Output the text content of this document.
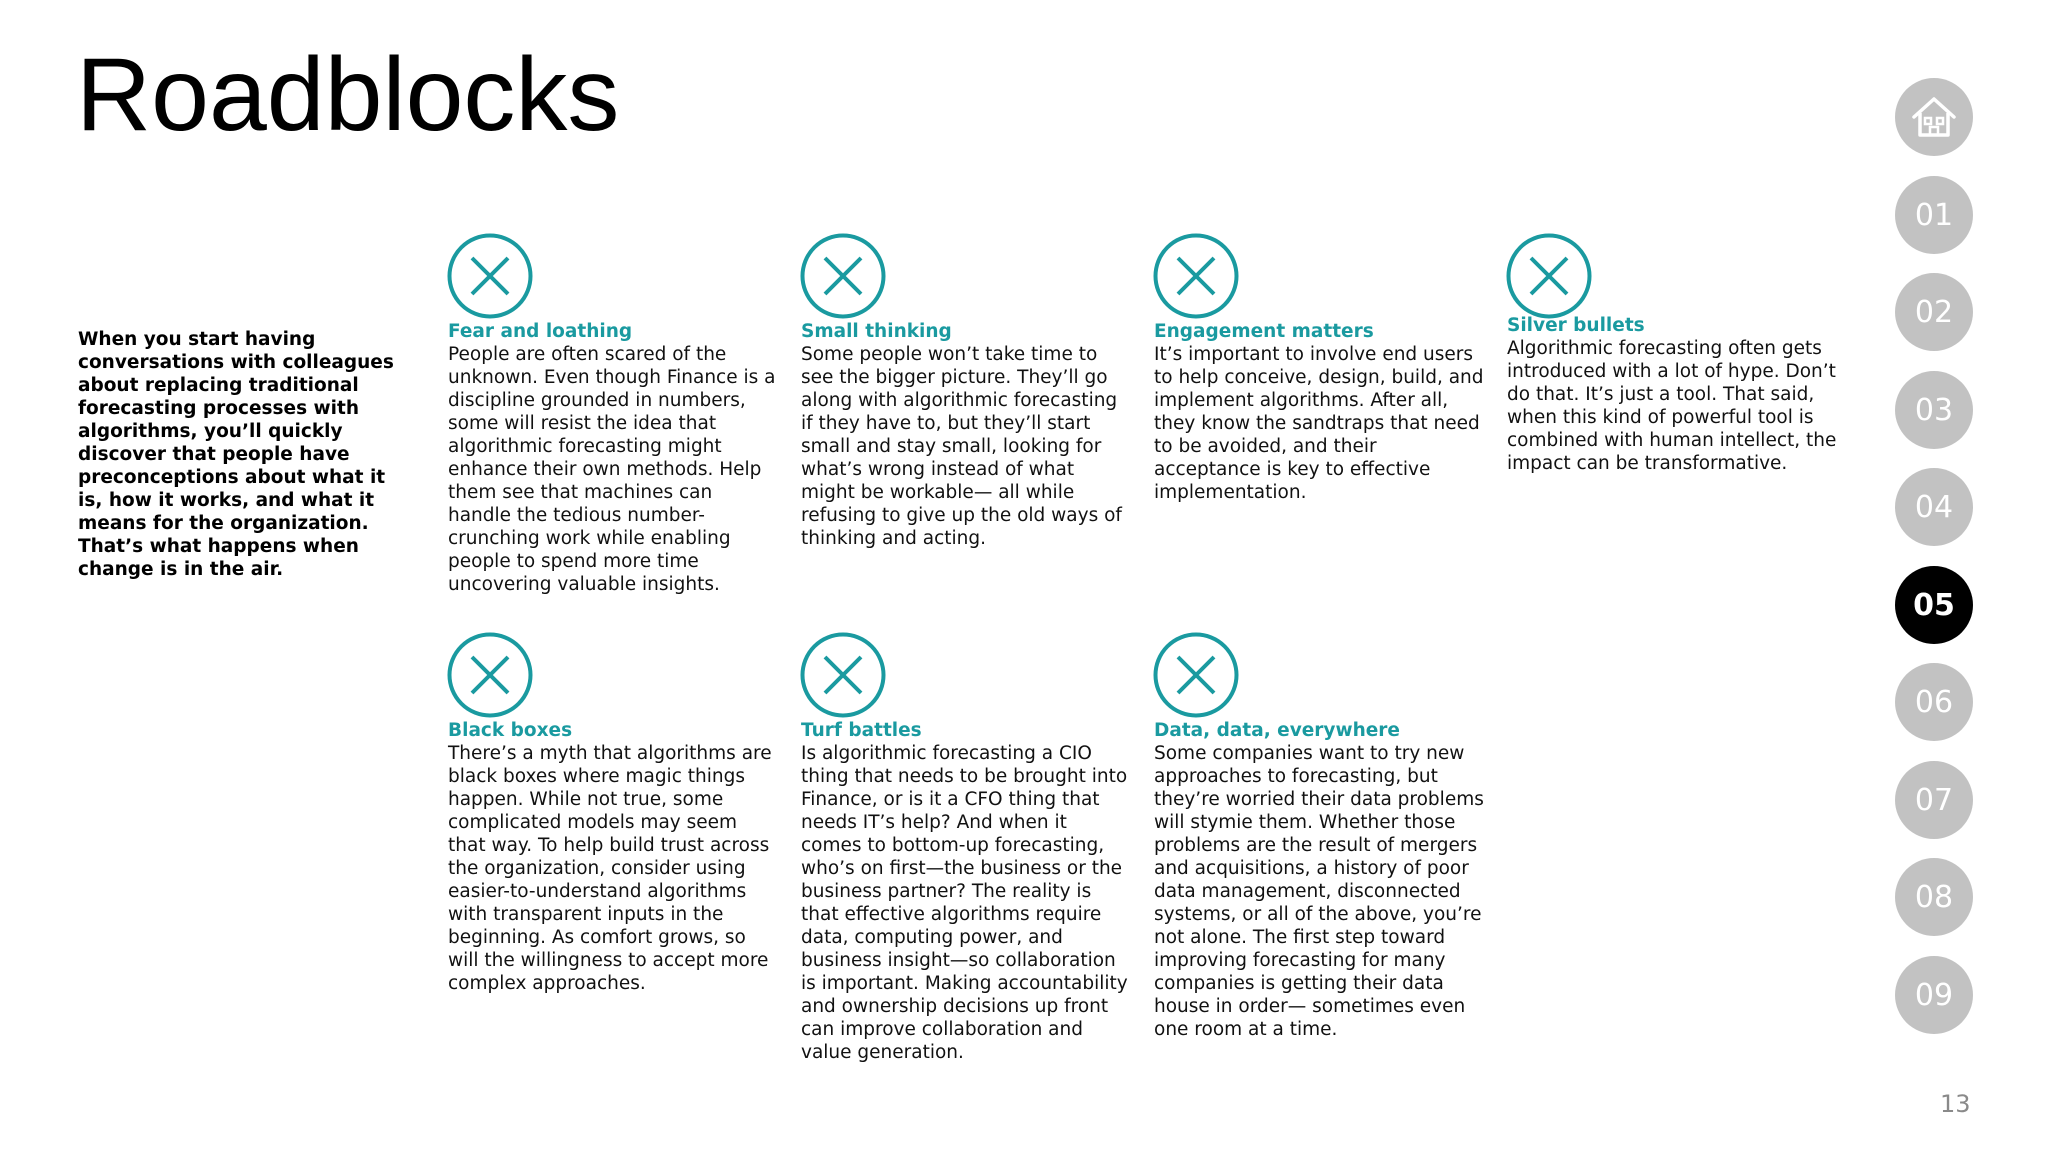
Roadblocks
When you start having conversations with colleagues about replacing traditional forecasting processes with algorithms, you’ll quickly discover that people have preconceptions about what it is, how it works, and what it means for the organization. That’s what happens when change is in the air.

Fear and loathing

People are often scared of the unknown. Even though Finance is a discipline grounded in numbers, some will resist the idea that algorithmic forecasting might enhance their own methods. Help them see that machines can handle the tedious number-crunching work while enabling people to spend more time uncovering valuable insights.

Small thinking

Some people won’t take time to see the bigger picture. They’ll go along with algorithmic forecasting if they have to, but they’ll start small and stay small, looking for what’s wrong instead of what might be workable— all while refusing to give up the old ways of thinking and acting.

Engagement matters

It’s important to involve end users to help conceive, design, build, and implement algorithms. After all, they know the sandtraps that need to be avoided, and their acceptance is key to effective implementation.

Silver bullets

Algorithmic forecasting often gets introduced with a lot of hype. Don’t do that. It’s just a tool. That said, when this kind of powerful tool is combined with human intellect, the impact can be transformative.

Black boxes

There’s a myth that algorithms are black boxes where magic things happen. While not true, some complicated models may seem that way. To help build trust across the organization, consider using easier-to-understand algorithms with transparent inputs in the beginning. As comfort grows, so will the willingness to accept more complex approaches.

Turf battles

Is algorithmic forecasting a CIO thing that needs to be brought into Finance, or is it a CFO thing that needs IT’s help? And when it comes to bottom-up forecasting, who’s on first—the business or the business partner? The reality is that effective algorithms require data, computing power, and business insight—so collaboration is important. Making accountability and ownership decisions up front can improve collaboration and value generation.

Data, data, everywhere

Some companies want to try new approaches to forecasting, but they’re worried their data problems will stymie them. Whether those problems are the result of mergers and acquisitions, a history of poor data management, disconnected systems, or all of the above, you’re not alone. The first step toward improving forecasting for many companies is getting their data house in order— sometimes even one room at a time.

01
02
03
04
05
06
07
08
09
13
